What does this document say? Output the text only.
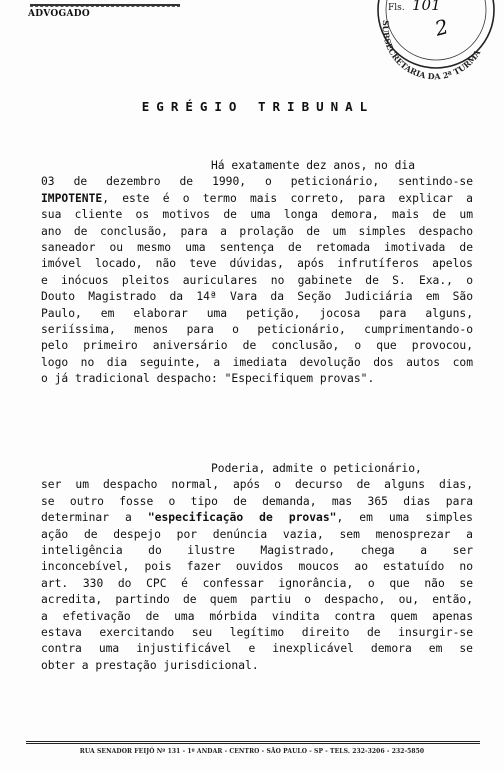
ADVOGADO
SUBSECRETARIA DA 2ª TURMA
Fls. 101
2
EGRÉGIO TRIBUNAL
Há exatamente dez anos, no dia
03 de dezembro de 1990, o peticionário, sentindo-se
IMPOTENTE, este é o termo mais correto, para explicar a
sua cliente os motivos de uma longa demora, mais de um
ano de conclusão, para a prolação de um simples despacho
saneador ou mesmo uma sentença de retomada imotivada de
imóvel locado, não teve dúvidas, após infrutíferos apelos
e inócuos pleitos auriculares no gabinete de S. Exa., o
Douto Magistrado da 14ª Vara da Seção Judiciária em São
Paulo, em elaborar uma petição, jocosa para alguns,
seriíssima, menos para o peticionário, cumprimentando-o
pelo primeiro aniversário de conclusão, o que provocou,
logo no dia seguinte, a imediata devolução dos autos com
o já tradicional despacho: "Especifiquem provas".
Poderia, admite o peticionário,
ser um despacho normal, após o decurso de alguns dias,
se outro fosse o tipo de demanda, mas 365 dias para
determinar a "especificação de provas", em uma simples
ação de despejo por denúncia vazia, sem menosprezar a
inteligência do ilustre Magistrado, chega a ser
inconcebível, pois fazer ouvidos moucos ao estatuído no
art. 330 do CPC é confessar ignorância, o que não se
acredita, partindo de quem partiu o despacho, ou, então,
a efetivação de uma mórbida vindita contra quem apenas
estava exercitando seu legítimo direito de insurgir-se
contra uma injustificável e inexplicável demora em se
obter a prestação jurisdicional.
RUA SENADOR FEIJÓ Nº 131 - 1º ANDAR - CENTRO - SÃO PAULO - SP - TELS. 232-3206 - 232-5850
